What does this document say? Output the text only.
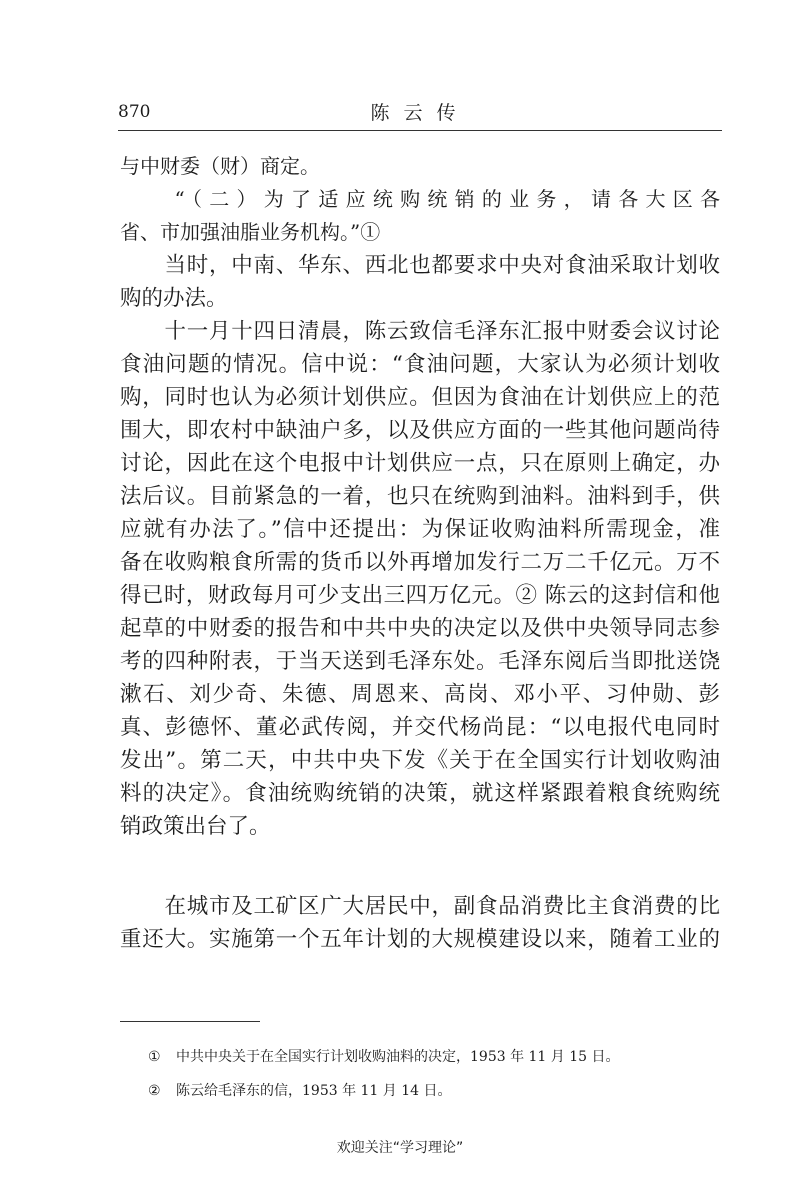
870	陈云传
与中财委（财）商定。
　　“（二）为了适应统购统销的业务，请各大区各
省、市加强油脂业务机构。”①
　　当时，中南、华东、西北也都要求中央对食油采取计划收
购的办法。
　　十一月十四日清晨，陈云致信毛泽东汇报中财委会议讨论
食油问题的情况。信中说：“食油问题，大家认为必须计划收
购，同时也认为必须计划供应。但因为食油在计划供应上的范
围大，即农村中缺油户多，以及供应方面的一些其他问题尚待
讨论，因此在这个电报中计划供应一点，只在原则上确定，办
法后议。目前紧急的一着，也只在统购到油料。油料到手，供
应就有办法了。”信中还提出：为保证收购油料所需现金，准
备在收购粮食所需的货币以外再增加发行二万二千亿元。万不
得已时，财政每月可少支出三四万亿元。② 陈云的这封信和他
起草的中财委的报告和中共中央的决定以及供中央领导同志参
考的四种附表，于当天送到毛泽东处。毛泽东阅后当即批送饶
漱石、刘少奇、朱德、周恩来、高岗、邓小平、习仲勋、彭
真、彭德怀、董必武传阅，并交代杨尚昆：“以电报代电同时
发出”。第二天，中共中央下发《关于在全国实行计划收购油
料的决定》。食油统购统销的决策，就这样紧跟着粮食统购统
销政策出台了。
　　在城市及工矿区广大居民中，副食品消费比主食消费的比
重还大。实施第一个五年计划的大规模建设以来，随着工业的
① 中共中央关于在全国实行计划收购油料的决定，1953 年 11 月 15 日。
② 陈云给毛泽东的信，1953 年 11 月 14 日。
欢迎关注“学习理论”
